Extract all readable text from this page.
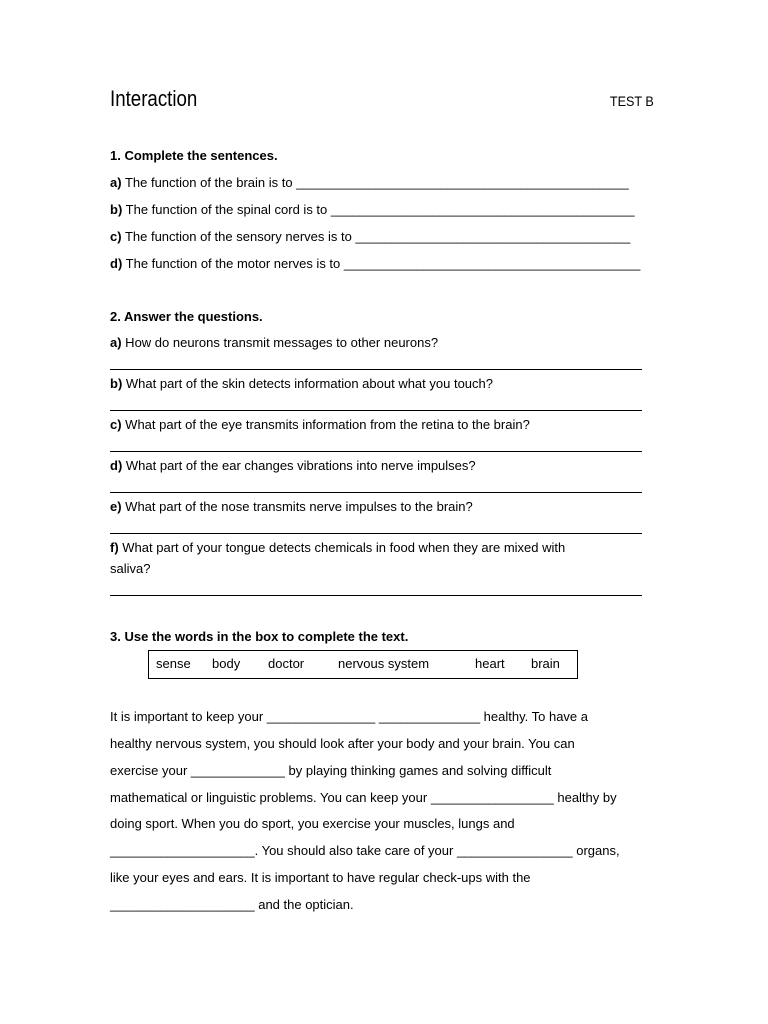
Interaction	TEST B
1. Complete the sentences.
a) The function of the brain is to ______________________________________________
b) The function of the spinal cord is to __________________________________________
c) The function of the sensory nerves is to ______________________________________
d) The function of the motor nerves is to _________________________________________
2. Answer the questions.
a) How do neurons transmit messages to other neurons?
b) What part of the skin detects information about what you touch?
c) What part of the eye transmits information from the retina to the brain?
d) What part of the ear changes vibrations into nerve impulses?
e) What part of the nose transmits nerve impulses to the brain?
f) What part of your tongue detects chemicals in food when they are mixed with
saliva?
3. Use the words in the box to complete the text.
sense body doctor	nervous system	heart brain
It is important to keep your _______________ ______________ healthy. To have a
healthy nervous system, you should look after your body and your brain. You can
exercise your _____________ by playing thinking games and solving difficult
mathematical or linguistic problems. You can keep your _________________ healthy by
doing sport. When you do sport, you exercise your muscles, lungs and
____________________. You should also take care of your ________________ organs,
like your eyes and ears. It is important to have regular check-ups with the
____________________ and the optician.
